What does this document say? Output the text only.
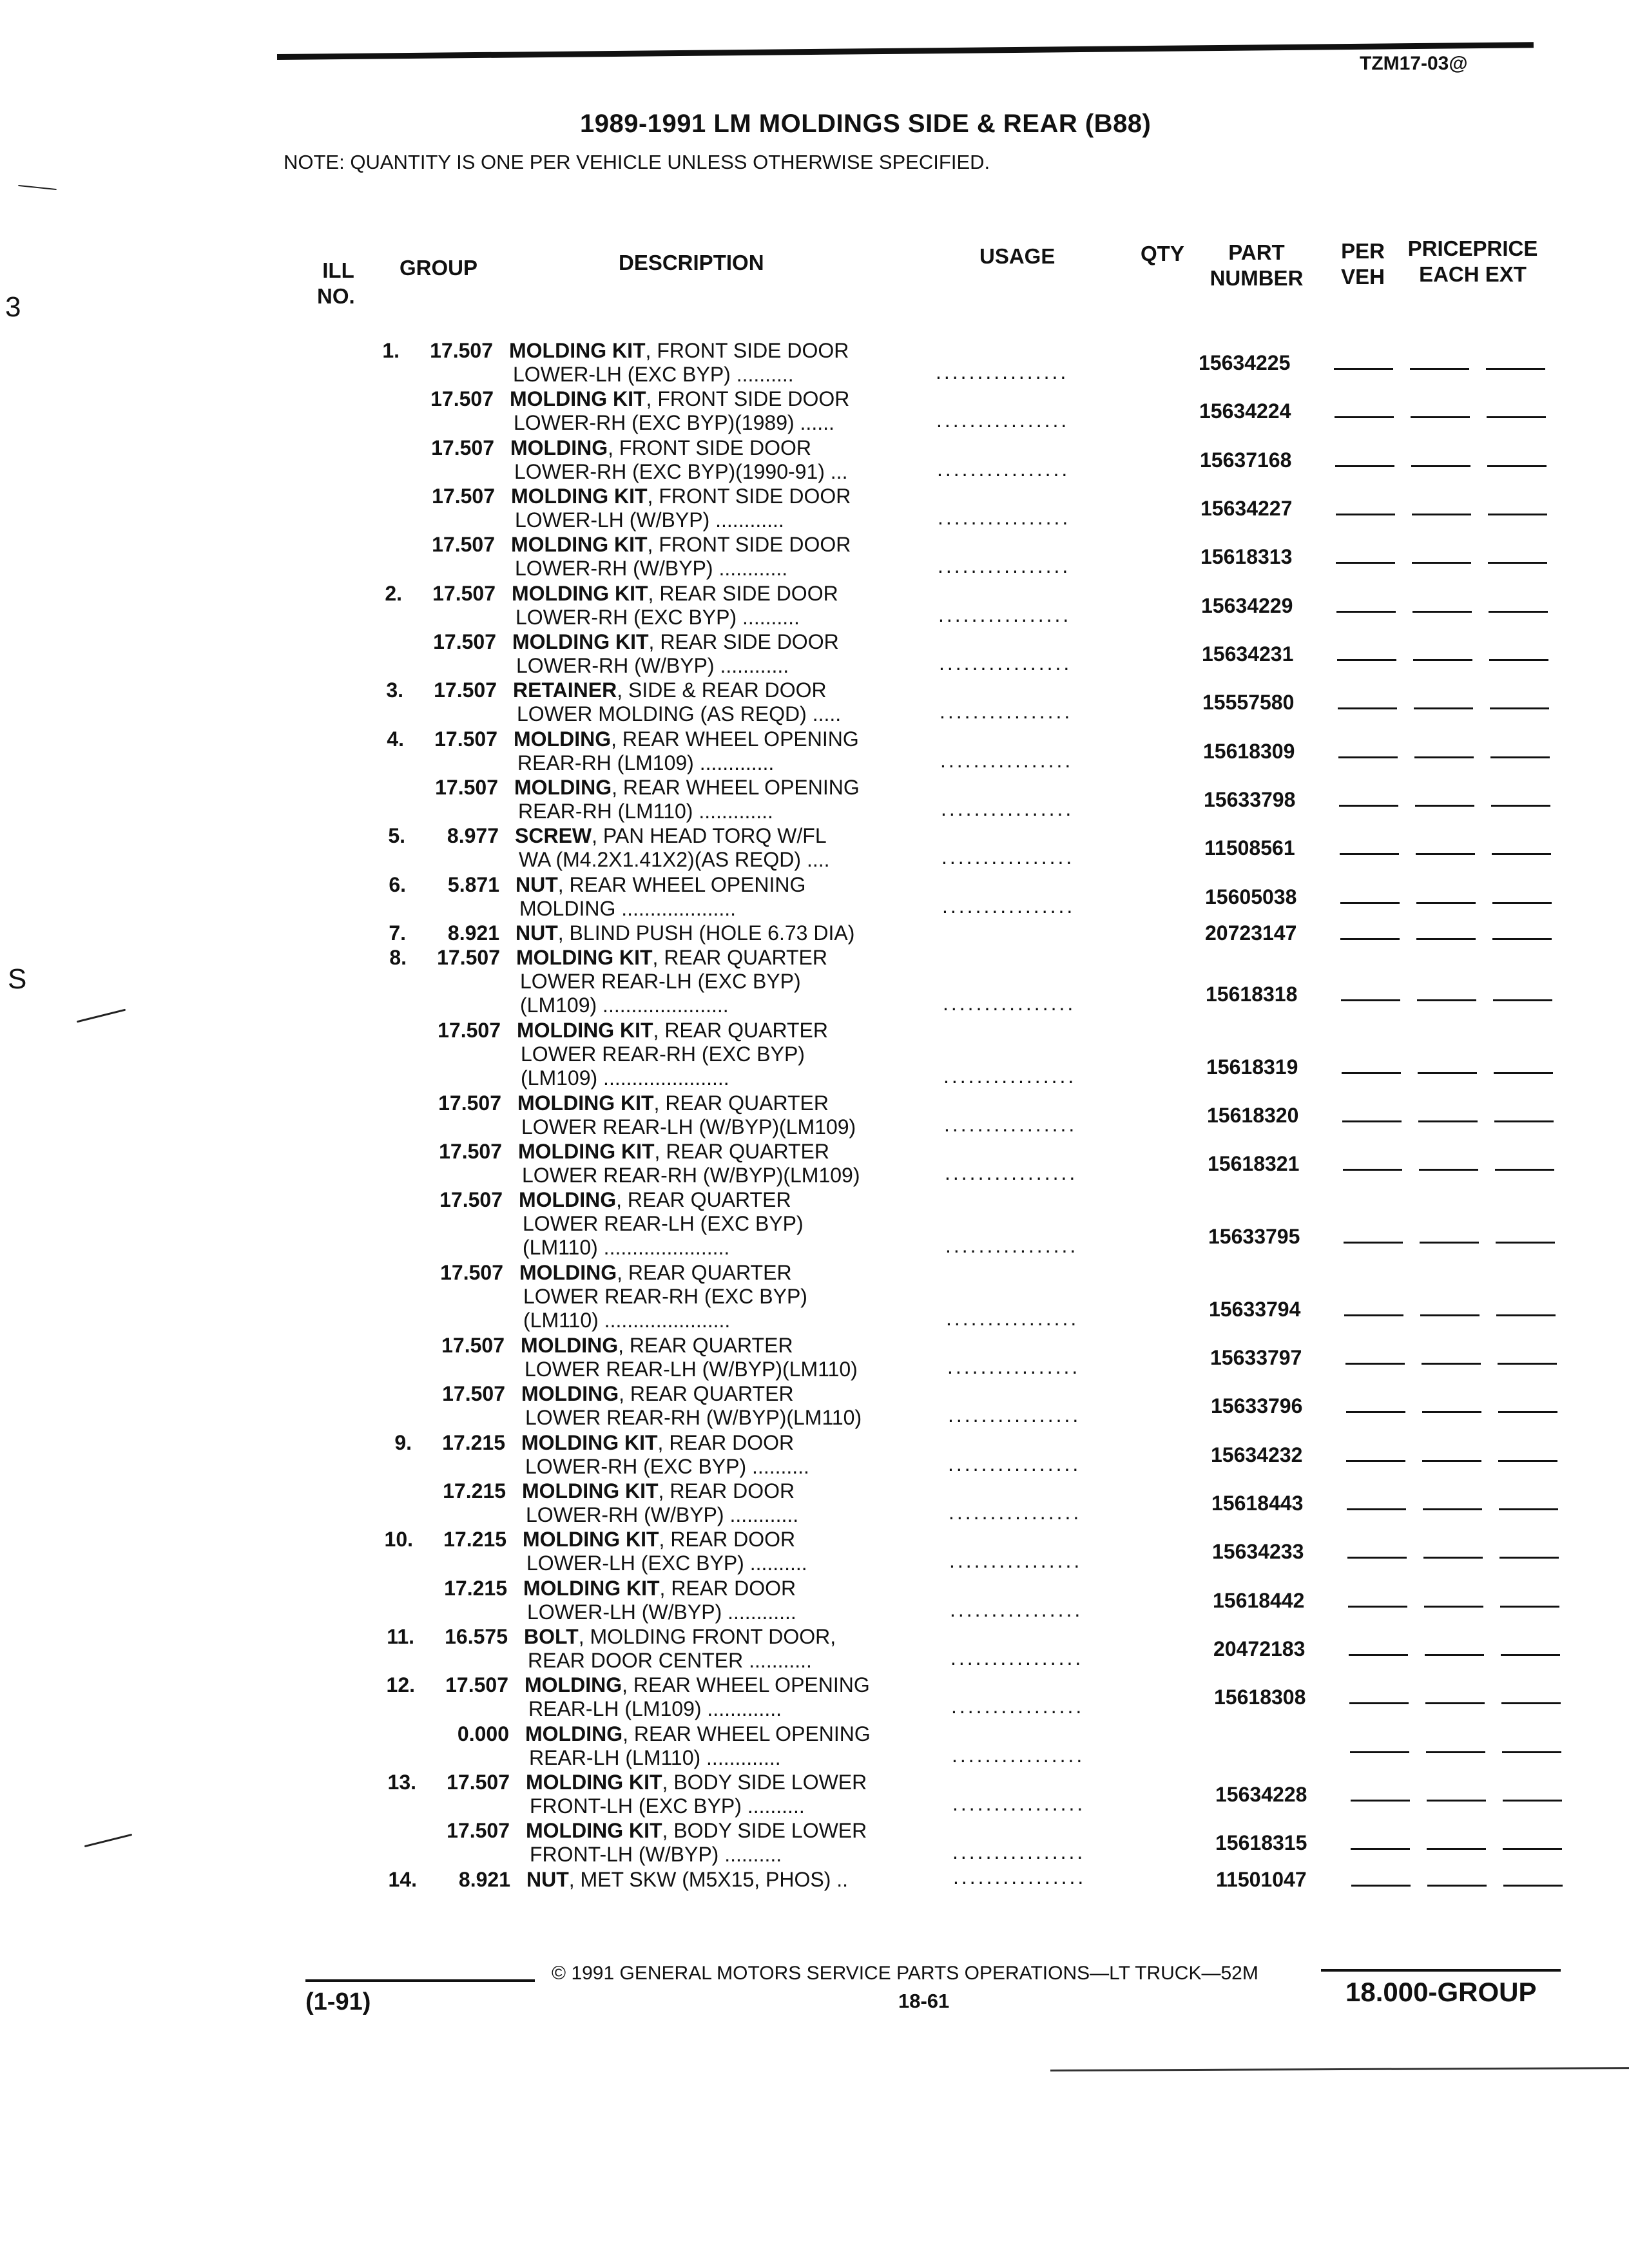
TZM17-03@
1989-1991 LM MOLDINGS SIDE & REAR (B88)
NOTE: QUANTITY IS ONE PER VEHICLE UNLESS OTHERWISE SPECIFIED.
ILL
NO.
GROUP	DESCRIPTION	USAGE	QTY	PART
NUMBER
PER
VEH
PRICEPRICE
EACH EXT
1.	17.507 MOLDING KIT, FRONT SIDE DOOR
LOWER-LH (EXC BYP) ..........	................	15634225
17.507 MOLDING KIT, FRONT SIDE DOOR
LOWER-RH (EXC BYP)(1989) ......	................	15634224
17.507 MOLDING, FRONT SIDE DOOR
LOWER-RH (EXC BYP)(1990-91) ...	................	15637168
17.507 MOLDING KIT, FRONT SIDE DOOR
LOWER-LH (W/BYP) ............	................	15634227
17.507 MOLDING KIT, FRONT SIDE DOOR
LOWER-RH (W/BYP) ............	................	15618313
2.	17.507 MOLDING KIT, REAR SIDE DOOR
LOWER-RH (EXC BYP) ..........	................	15634229
17.507 MOLDING KIT, REAR SIDE DOOR
LOWER-RH (W/BYP) ............	................	15634231
3.	17.507 RETAINER, SIDE & REAR DOOR
LOWER MOLDING (AS REQD) .....	................	15557580
4.	17.507 MOLDING, REAR WHEEL OPENING
REAR-RH (LM109) .............	................	15618309
17.507 MOLDING, REAR WHEEL OPENING
REAR-RH (LM110) .............	................	15633798
5.	8.977 SCREW, PAN HEAD TORQ W/FL
WA (M4.2X1.41X2)(AS REQD) ....	................	11508561
6.	5.871 NUT, REAR WHEEL OPENING
MOLDING ....................	................	15605038
7.	8.921 NUT, BLIND PUSH (HOLE 6.73 DIA)	20723147
8.	17.507 MOLDING KIT, REAR QUARTER
LOWER REAR-LH (EXC BYP)
(LM109) ......................	................	15618318
17.507 MOLDING KIT, REAR QUARTER
LOWER REAR-RH (EXC BYP)
(LM109) ......................	................	15618319
17.507 MOLDING KIT, REAR QUARTER
LOWER REAR-LH (W/BYP)(LM109)	................	15618320
17.507 MOLDING KIT, REAR QUARTER
LOWER REAR-RH (W/BYP)(LM109)	................	15618321
17.507 MOLDING, REAR QUARTER
LOWER REAR-LH (EXC BYP)
(LM110) ......................	................	15633795
17.507 MOLDING, REAR QUARTER
LOWER REAR-RH (EXC BYP)
(LM110) ......................	................	15633794
17.507 MOLDING, REAR QUARTER
LOWER REAR-LH (W/BYP)(LM110)	................	15633797
17.507 MOLDING, REAR QUARTER
LOWER REAR-RH (W/BYP)(LM110)	................	15633796
9.	17.215 MOLDING KIT, REAR DOOR
LOWER-RH (EXC BYP) ..........	................	15634232
17.215 MOLDING KIT, REAR DOOR
LOWER-RH (W/BYP) ............	................	15618443
10.	17.215 MOLDING KIT, REAR DOOR
LOWER-LH (EXC BYP) ..........	................	15634233
17.215 MOLDING KIT, REAR DOOR
LOWER-LH (W/BYP) ............	................	15618442
11.	16.575 BOLT, MOLDING FRONT DOOR,
REAR DOOR CENTER ...........	................	20472183
12.	17.507 MOLDING, REAR WHEEL OPENING
REAR-LH (LM109) .............	................	15618308
0.000 MOLDING, REAR WHEEL OPENING
REAR-LH (LM110) .............	................
13.	17.507 MOLDING KIT, BODY SIDE LOWER
FRONT-LH (EXC BYP) ..........	................	15634228
17.507 MOLDING KIT, BODY SIDE LOWER
FRONT-LH (W/BYP) ..........	................	15618315
14.	8.921 NUT, MET SKW (M5X15, PHOS) ..	................	11501047
© 1991 GENERAL MOTORS SERVICE PARTS OPERATIONS—LT TRUCK—52M
(1-91)	18-61	18.000-GROUP
3
S
